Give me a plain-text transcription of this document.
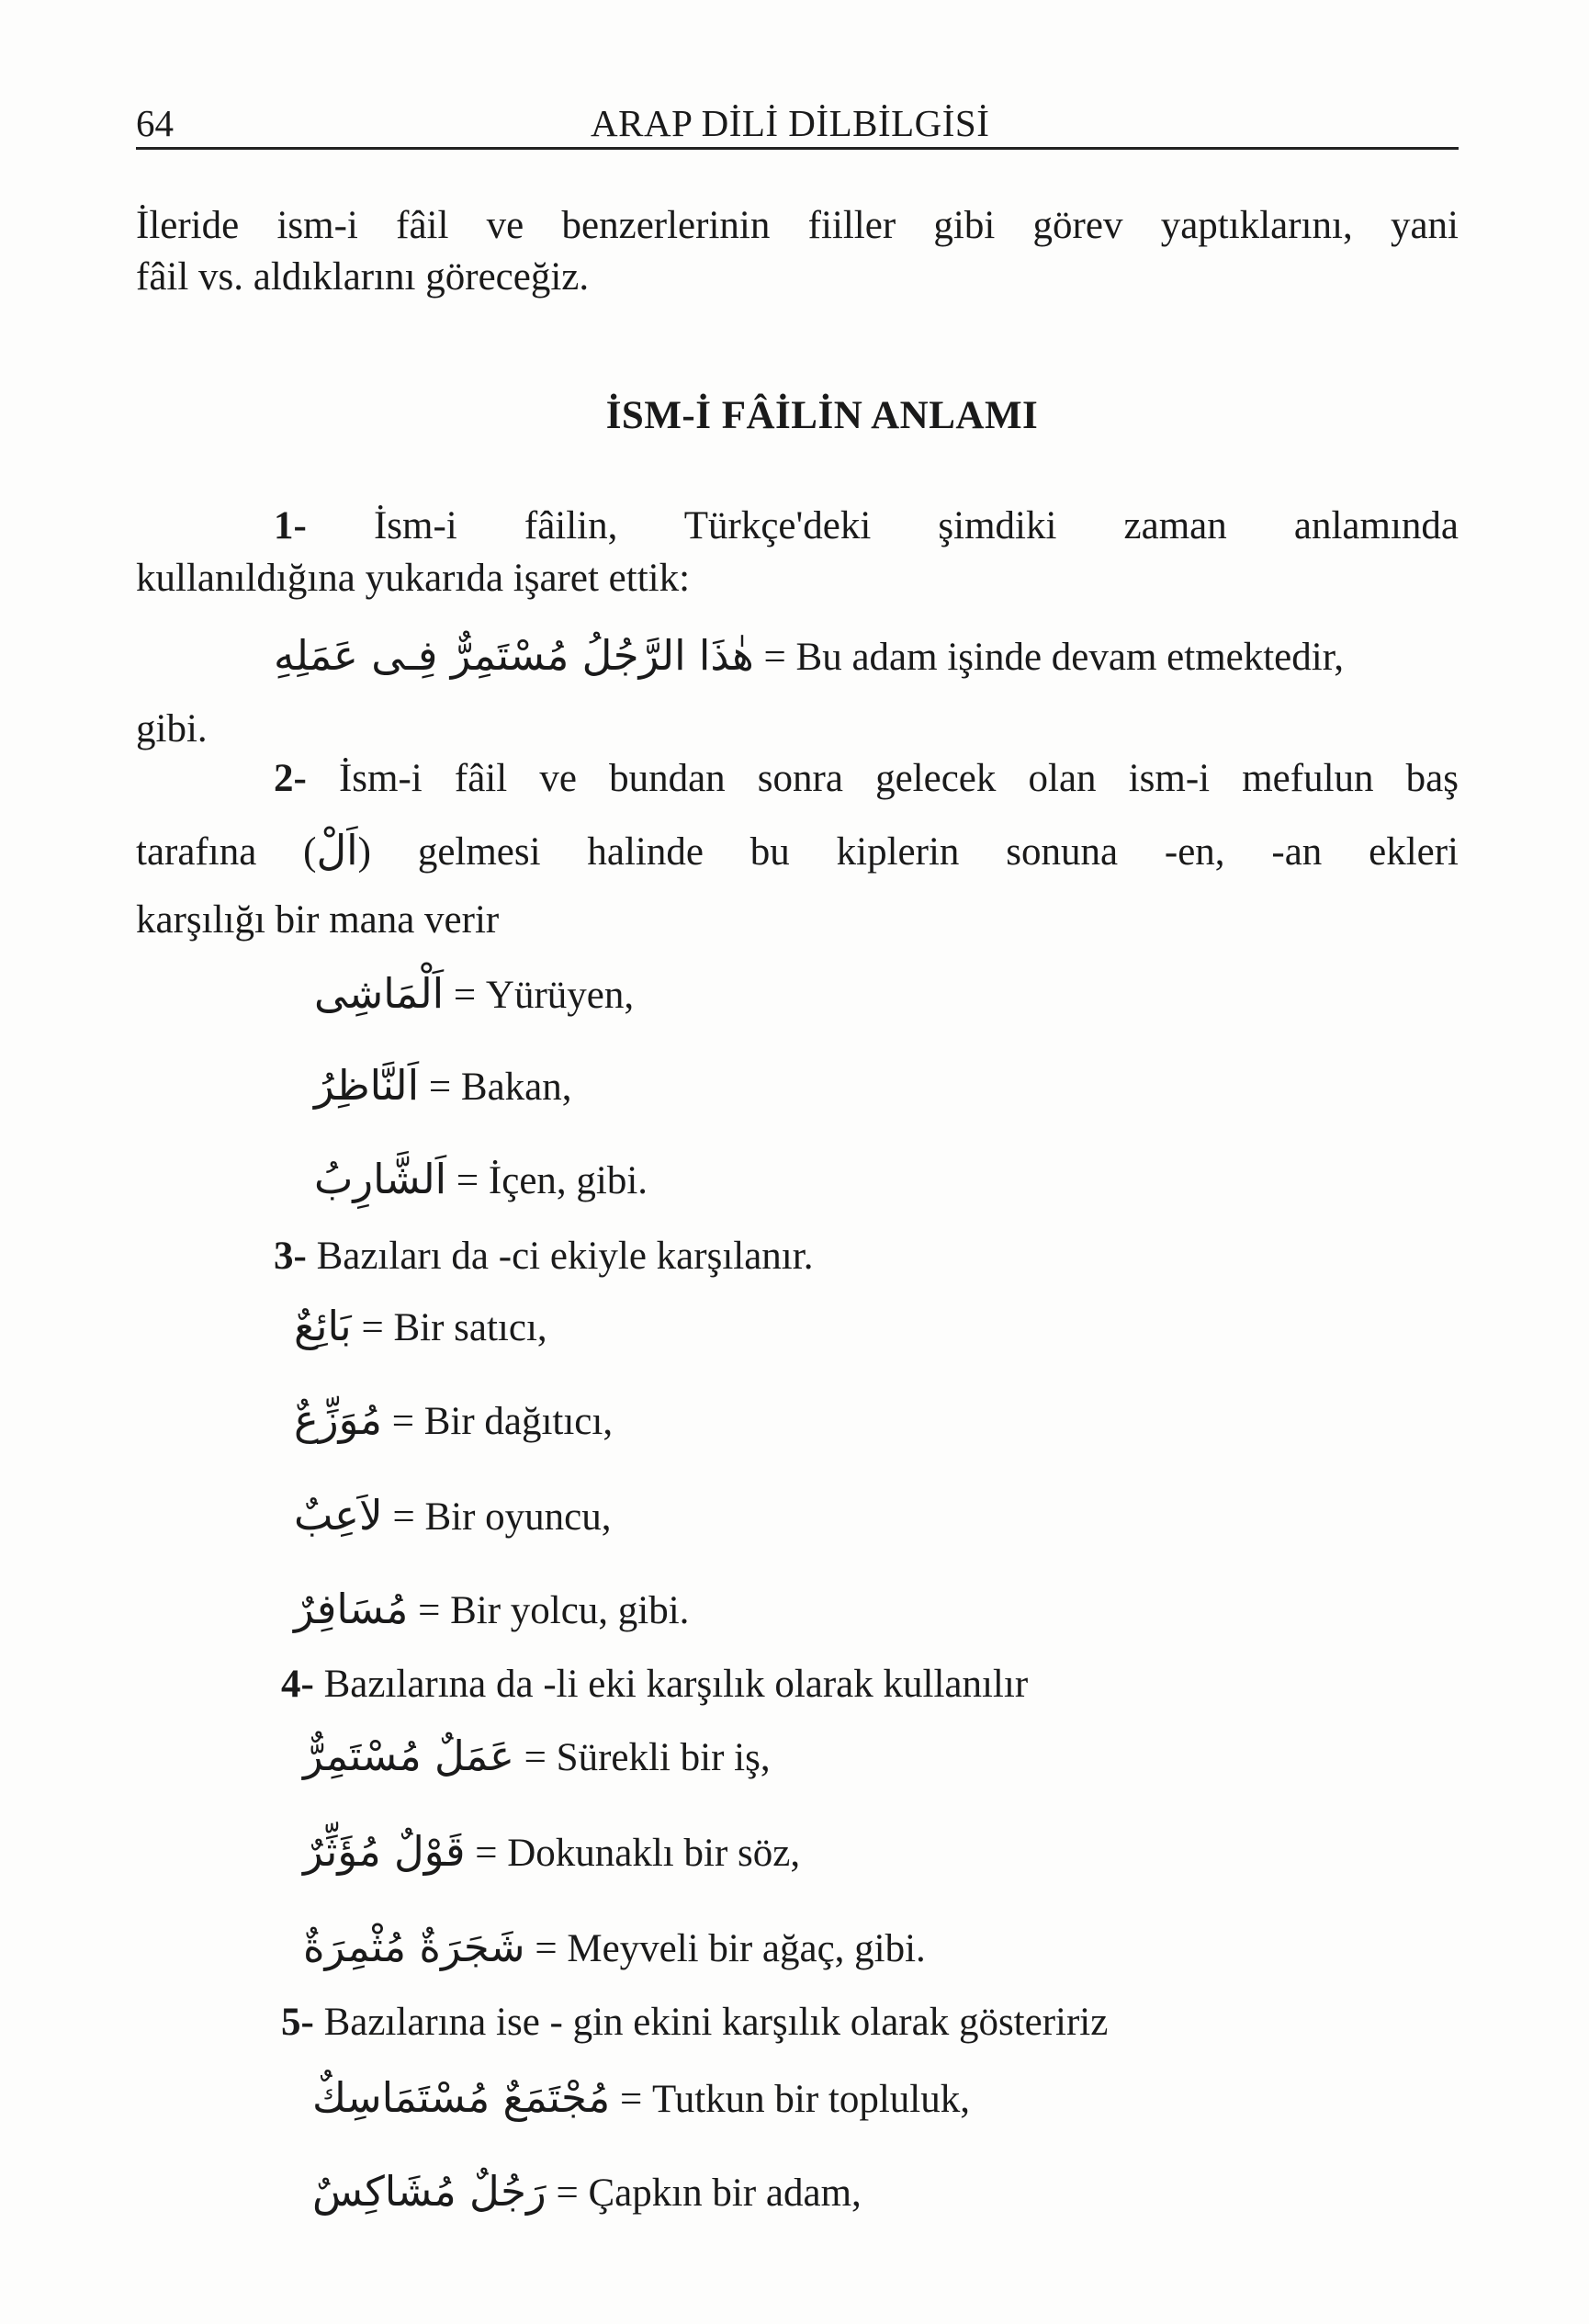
64	ARAP DİLİ DİLBİLGİSİ
İleride ism-i fâil ve benzerlerinin fiiller gibi görev yaptıklarını, yani
fâil vs. aldıklarını göreceğiz.
İSM-İ FÂİLİN ANLAMI
1- İsm-i fâilin, Türkçe'deki şimdiki zaman anlamında
kullanıldığına yukarıda işaret ettik:
هٰذَا الرَّجُلُ مُسْتَمِرٌّ فِـى عَمَلِهِ = Bu adam işinde devam etmektedir,
gibi.
2- İsm-i fâil ve bundan sonra gelecek olan ism-i mefulun baş
tarafına (اَلْ) gelmesi halinde bu kiplerin sonuna -en, -an ekleri
karşılığı bir mana verir
اَلْمَاشِى = Yürüyen,
اَلنَّاظِرُ = Bakan,
اَلشَّارِبُ = İçen, gibi.
3- Bazıları da -ci ekiyle karşılanır.
بَائِعٌ = Bir satıcı,
مُوَزِّعٌ = Bir dağıtıcı,
لاَعِبٌ = Bir oyuncu,
مُسَافِرٌ = Bir yolcu, gibi.
4- Bazılarına da -li eki karşılık olarak kullanılır
عَمَلٌ مُسْتَمِرٌّ = Sürekli bir iş,
قَوْلٌ مُؤَثِّرٌ = Dokunaklı bir söz,
شَجَرَةٌ مُثْمِرَةٌ = Meyveli bir ağaç, gibi.
5- Bazılarına ise - gin ekini karşılık olarak gösteririz
مُجْتَمَعٌ مُسْتَمَاسِكٌ = Tutkun bir topluluk,
رَجُلٌ مُشَاكِسٌ = Çapkın bir adam,
